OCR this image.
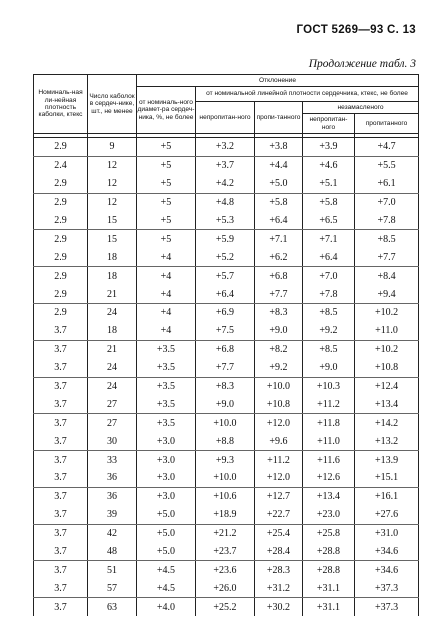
ГОСТ 5269—93 С. 13
Продолжение табл. 3
Номиналь-ная ли-нейная плотность каболки, ктекс	Число каболок в сердеч-нике, шт., не менее	Отклонение				
		от номиналь-ного диамет-ра сердеч-ника, %, не более	от номинальной линейной плотности сердечника, ктекс, не более			
			непропитан-ного	пропи-танного	незамасленого	
					непропитан-ного	пропитанного

2.9	9	+5	+3.2	+3.8	+3.9	+4.7
2.4	12	+5	+3.7	+4.4	+4.6	+5.5
2.9	12	+5	+4.2	+5.0	+5.1	+6.1
2.9	12	+5	+4.8	+5.8	+5.8	+7.0
2.9	15	+5	+5.3	+6.4	+6.5	+7.8
2.9	15	+5	+5.9	+7.1	+7.1	+8.5
2.9	18	+4	+5.2	+6.2	+6.4	+7.7
2.9	18	+4	+5.7	+6.8	+7.0	+8.4
2.9	21	+4	+6.4	+7.7	+7.8	+9.4
2.9	24	+4	+6.9	+8.3	+8.5	+10.2
3.7	18	+4	+7.5	+9.0	+9.2	+11.0
3.7	21	+3.5	+6.8	+8.2	+8.5	+10.2
3.7	24	+3.5	+7.7	+9.2	+9.0	+10.8
3.7	24	+3.5	+8.3	+10.0	+10.3	+12.4
3.7	27	+3.5	+9.0	+10.8	+11.2	+13.4
3.7	27	+3.5	+10.0	+12.0	+11.8	+14.2
3.7	30	+3.0	+8.8	+9.6	+11.0	+13.2
3.7	33	+3.0	+9.3	+11.2	+11.6	+13.9
3.7	36	+3.0	+10.0	+12.0	+12.6	+15.1
3.7	36	+3.0	+10.6	+12.7	+13.4	+16.1
3.7	39	+5.0	+18.9	+22.7	+23.0	+27.6
3.7	42	+5.0	+21.2	+25.4	+25.8	+31.0
3.7	48	+5.0	+23.7	+28.4	+28.8	+34.6
3.7	51	+4.5	+23.6	+28.3	+28.8	+34.6
3.7	57	+4.5	+26.0	+31.2	+31.1	+37.3
3.7	63	+4.0	+25.2	+30.2	+31.1	+37.3
